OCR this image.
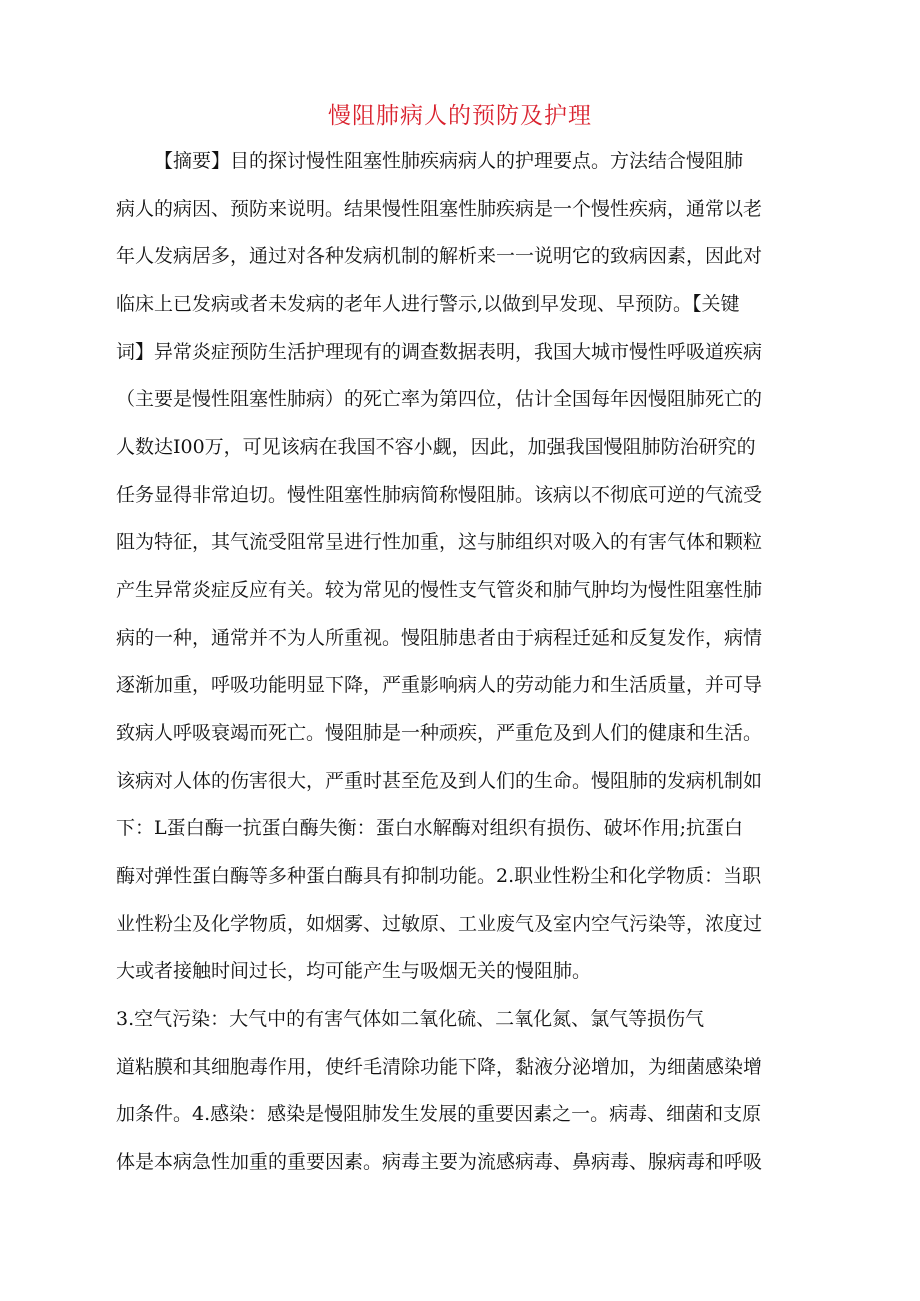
慢阻肺病人的预防及护理
【摘要】目的探讨慢性阻塞性肺疾病病人的护理要点。方法结合慢阻肺
病人的病因、预防来说明。结果慢性阻塞性肺疾病是一个慢性疾病，通常以老
年人发病居多，通过对各种发病机制的解析来一一说明它的致病因素，因此对
临床上已发病或者未发病的老年人进行警示,以做到早发现、早预防。【关键
词】异常炎症预防生活护理现有的调查数据表明，我国大城市慢性呼吸道疾病
（主要是慢性阻塞性肺病）的死亡率为第四位，估计全国每年因慢阻肺死亡的
人数达I00万，可见该病在我国不容小觑，因此，加强我国慢阻肺防治研究的
任务显得非常迫切。慢性阻塞性肺病简称慢阻肺。该病以不彻底可逆的气流受
阻为特征，其气流受阻常呈进行性加重，这与肺组织对吸入的有害气体和颗粒
产生异常炎症反应有关。较为常见的慢性支气管炎和肺气肿均为慢性阻塞性肺
病的一种，通常并不为人所重视。慢阻肺患者由于病程迁延和反复发作，病情
逐渐加重，呼吸功能明显下降，严重影响病人的劳动能力和生活质量，并可导
致病人呼吸衰竭而死亡。慢阻肺是一种顽疾，严重危及到人们的健康和生活。
该病对人体的伤害很大，严重时甚至危及到人们的生命。慢阻肺的发病机制如
下：L蛋白酶一抗蛋白酶失衡：蛋白水解酶对组织有损伤、破坏作用;抗蛋白
酶对弹性蛋白酶等多种蛋白酶具有抑制功能。2.职业性粉尘和化学物质：当职
业性粉尘及化学物质，如烟雾、过敏原、工业废气及室内空气污染等，浓度过
大或者接触时间过长，均可能产生与吸烟无关的慢阻肺。
3.空气污染：大气中的有害气体如二氧化硫、二氧化氮、氯气等损伤气
道粘膜和其细胞毒作用，使纤毛清除功能下降，黏液分泌增加，为细菌感染增
加条件。4.感染：感染是慢阻肺发生发展的重要因素之一。病毒、细菌和支原
体是本病急性加重的重要因素。病毒主要为流感病毒、鼻病毒、腺病毒和呼吸
